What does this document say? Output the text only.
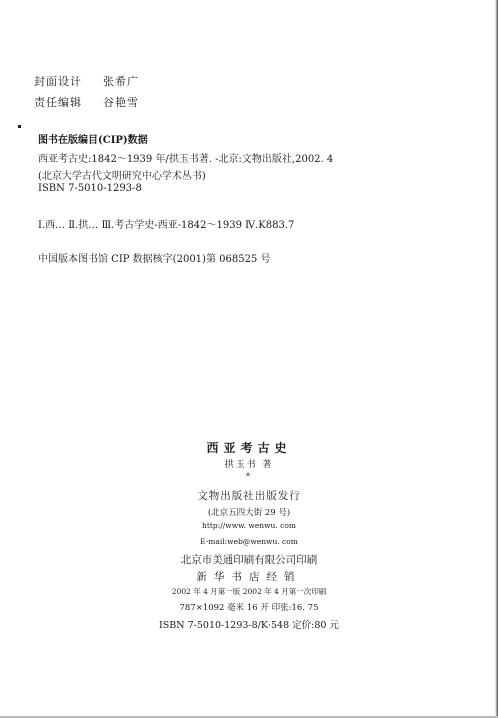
封面设计 张希广
责任编辑 谷艳雪
图书在版编目(CIP)数据
西亚考古史:1842～1939 年/拱玉书著. -北京:文物出版社,2002. 4
(北京大学古代文明研究中心学术丛书)
ISBN 7-5010-1293-8
Ⅰ.西… Ⅱ.拱… Ⅲ.考古学史-西亚-1842～1939 Ⅳ.K883.7
中国版本图书馆 CIP 数据核字(2001)第 068525 号
西亚考古史
拱玉书 著
*
文物出版社出版发行
(北京五四大街 29 号)
http://www. wenwu. com
E-mail:web@wenwu. com
北京市美通印刷有限公司印刷
新华书店经销
2002 年 4 月第一版 2002 年 4 月第一次印刷
787×1092 毫米 16 开 印张:16. 75
ISBN 7-5010-1293-8/K·548 定价:80 元
